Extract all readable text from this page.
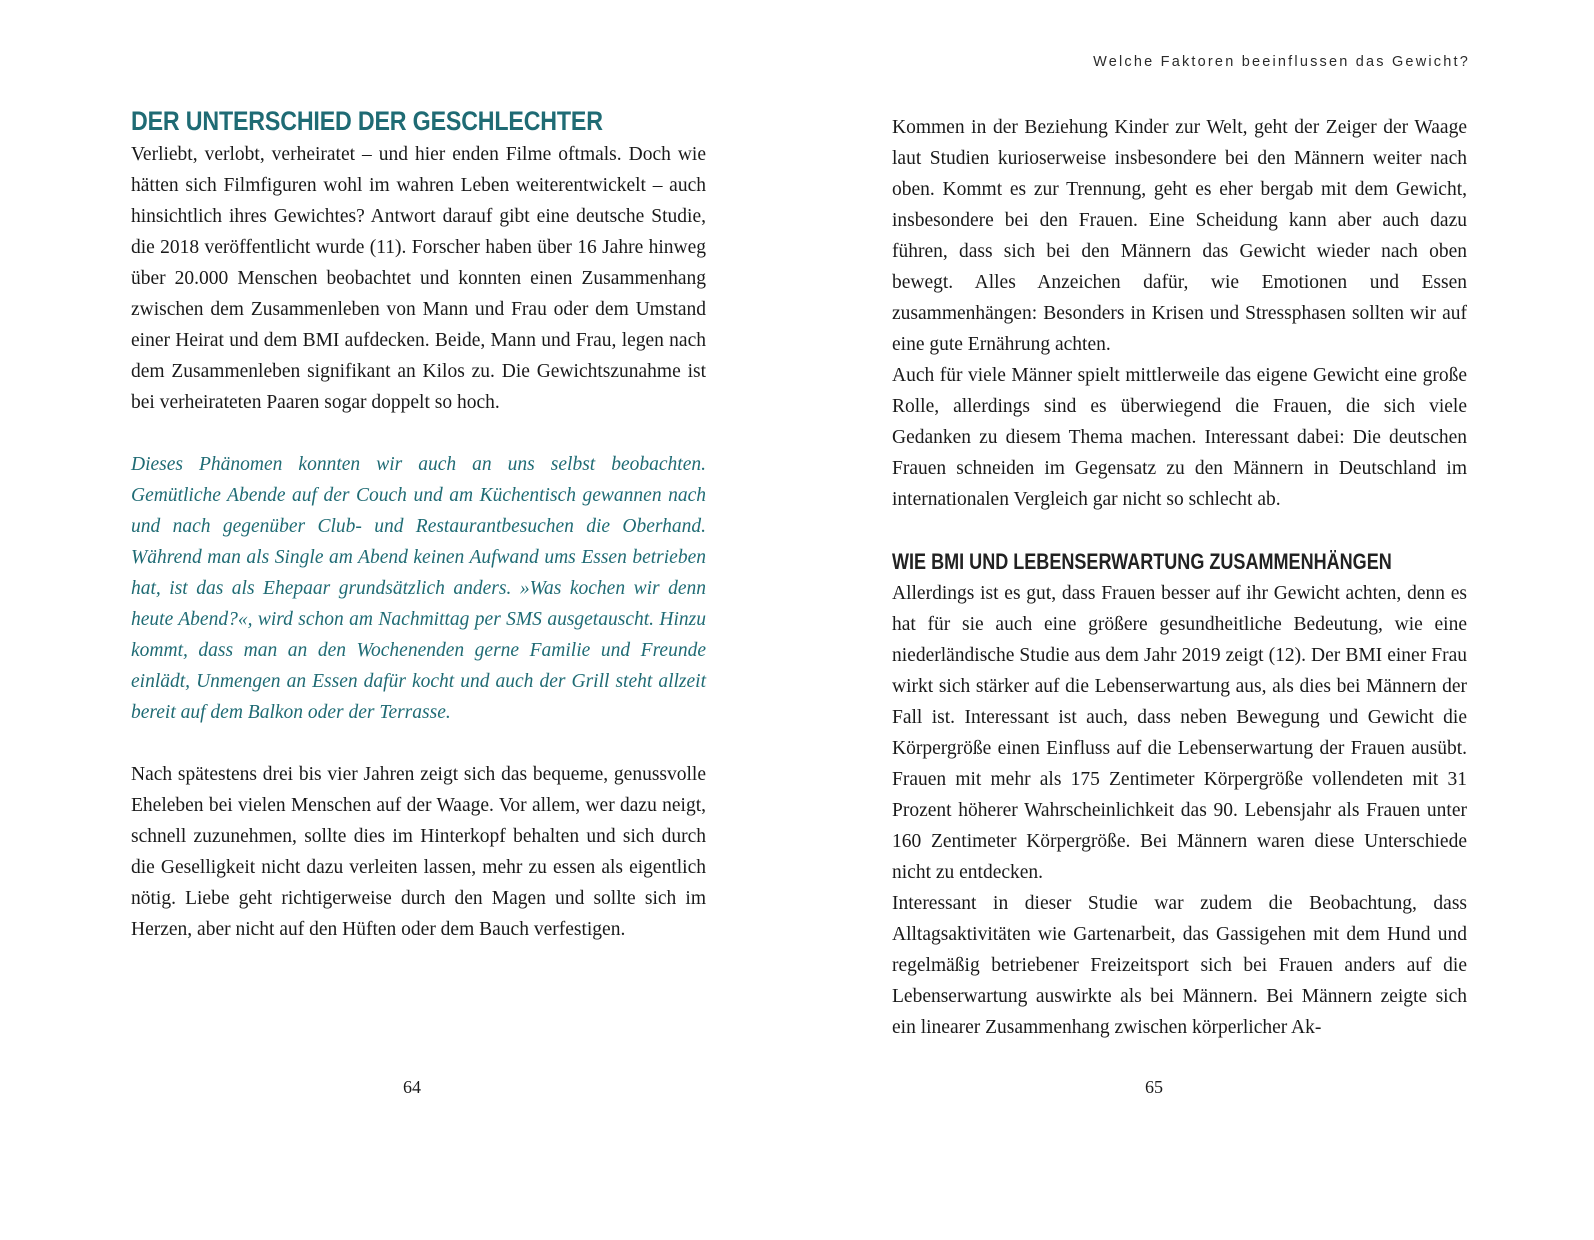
DER UNTERSCHIED DER GESCHLECHTER

Verliebt, verlobt, verheiratet – und hier enden Filme oftmals. Doch wie hätten sich Filmfiguren wohl im wahren Leben weiterentwickelt – auch hinsichtlich ihres Gewichtes? Antwort darauf gibt eine deutsche Studie, die 2018 veröffentlicht wurde (11). Forscher haben über 16 Jahre hinweg über 20.000 Menschen beobachtet und konnten einen Zusammenhang zwischen dem Zusammenleben von Mann und Frau oder dem Umstand einer Heirat und dem BMI aufdecken. Beide, Mann und Frau, legen nach dem Zusammenleben signifikant an Kilos zu. Die Gewichtszunahme ist bei verheirateten Paaren sogar doppelt so hoch.

Dieses Phänomen konnten wir auch an uns selbst beobachten. Gemütliche Abende auf der Couch und am Küchentisch gewannen nach und nach gegenüber Club- und Restaurantbesuchen die Oberhand. Während man als Single am Abend keinen Aufwand ums Essen betrieben hat, ist das als Ehepaar grundsätzlich anders. »Was kochen wir denn heute Abend?«, wird schon am Nachmittag per SMS ausgetauscht. Hinzu kommt, dass man an den Wochenenden gerne Familie und Freunde einlädt, Unmengen an Essen dafür kocht und auch der Grill steht allzeit bereit auf dem Balkon oder der Terrasse.

Nach spätestens drei bis vier Jahren zeigt sich das bequeme, genussvolle Eheleben bei vielen Menschen auf der Waage. Vor allem, wer dazu neigt, schnell zuzunehmen, sollte dies im Hinterkopf behalten und sich durch die Geselligkeit nicht dazu verleiten lassen, mehr zu essen als eigentlich nötig. Liebe geht richtigerweise durch den Magen und sollte sich im Herzen, aber nicht auf den Hüften oder dem Bauch verfestigen.

64
Welche Faktoren beeinflussen das Gewicht?

Kommen in der Beziehung Kinder zur Welt, geht der Zeiger der Waage laut Studien kurioserweise insbesondere bei den Männern weiter nach oben. Kommt es zur Trennung, geht es eher bergab mit dem Gewicht, insbesondere bei den Frauen. Eine Scheidung kann aber auch dazu führen, dass sich bei den Männern das Gewicht wieder nach oben bewegt. Alles Anzeichen dafür, wie Emotionen und Essen zusammenhängen: Besonders in Krisen und Stressphasen sollten wir auf eine gute Ernährung achten.

Auch für viele Männer spielt mittlerweile das eigene Gewicht eine große Rolle, allerdings sind es überwiegend die Frauen, die sich viele Gedanken zu diesem Thema machen. Interessant dabei: Die deutschen Frauen schneiden im Gegensatz zu den Männern in Deutschland im internationalen Vergleich gar nicht so schlecht ab.

WIE BMI UND LEBENSERWARTUNG ZUSAMMENHÄNGEN

Allerdings ist es gut, dass Frauen besser auf ihr Gewicht achten, denn es hat für sie auch eine größere gesundheitliche Bedeutung, wie eine niederländische Studie aus dem Jahr 2019 zeigt (12). Der BMI einer Frau wirkt sich stärker auf die Lebenserwartung aus, als dies bei Männern der Fall ist. Interessant ist auch, dass neben Bewegung und Gewicht die Körpergröße einen Einfluss auf die Lebenserwartung der Frauen ausübt. Frauen mit mehr als 175 Zentimeter Körpergröße vollendeten mit 31 Prozent höherer Wahrscheinlichkeit das 90. Lebensjahr als Frauen unter 160 Zentimeter Körpergröße. Bei Männern waren diese Unterschiede nicht zu entdecken.

Interessant in dieser Studie war zudem die Beobachtung, dass Alltagsaktivitäten wie Gartenarbeit, das Gassigehen mit dem Hund und regelmäßig betriebener Freizeitsport sich bei Frauen anders auf die Lebenserwartung auswirkte als bei Männern. Bei Männern zeigte sich ein linearer Zusammenhang zwischen körperlicher Ak-

65
